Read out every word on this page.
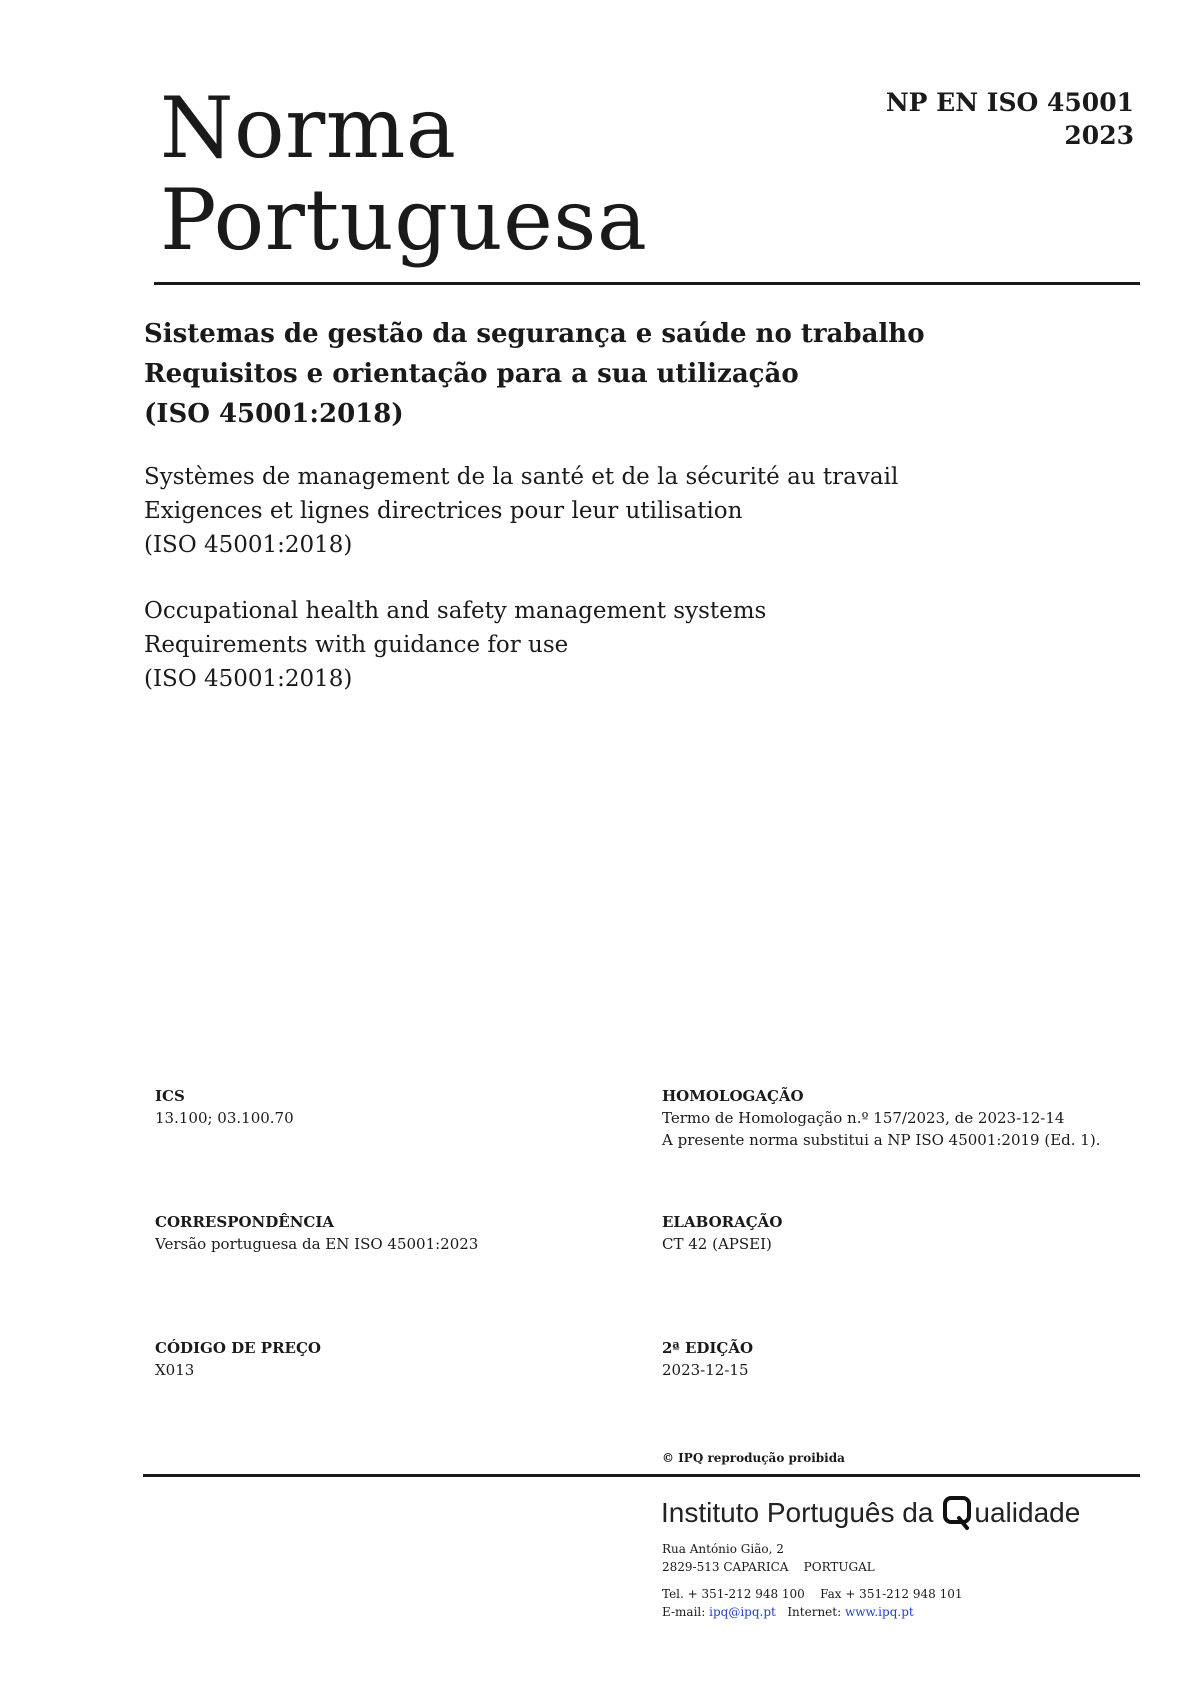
Norma
Portuguesa
NP EN ISO 45001
2023
Sistemas de gestão da segurança e saúde no trabalho
Requisitos e orientação para a sua utilização
(ISO 45001:2018)
Systèmes de management de la santé et de la sécurité au travail
Exigences et lignes directrices pour leur utilisation
(ISO 45001:2018)
Occupational health and safety management systems
Requirements with guidance for use
(ISO 45001:2018)
ICS
13.100; 03.100.70
HOMOLOGAÇÃO
Termo de Homologação n.º 157/2023, de 2023-12-14
A presente norma substitui a NP ISO 45001:2019 (Ed. 1).
CORRESPONDÊNCIA
Versão portuguesa da EN ISO 45001:2023
ELABORAÇÃO
CT 42 (APSEI)
CÓDIGO DE PREÇO
X013
2ª EDIÇÃO
2023-12-15
© IPQ reprodução proibida
Instituto Português da ualidade
Rua António Gião, 2
2829-513 CAPARICA    PORTUGAL
Tel. + 351-212 948 100    Fax + 351-212 948 101
E-mail: ipq@ipq.pt Internet: www.ipq.pt
